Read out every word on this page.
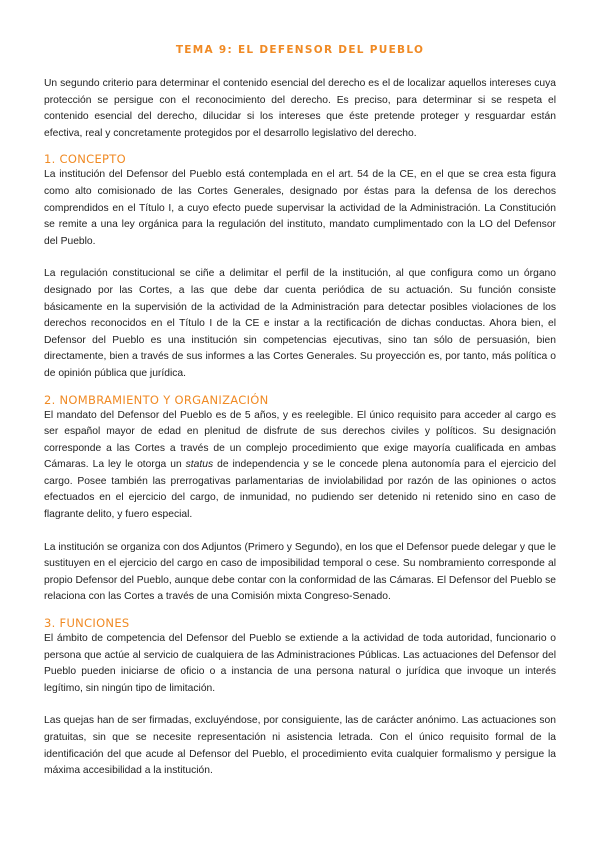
TEMA 9: EL DEFENSOR DEL PUEBLO

Un segundo criterio para determinar el contenido esencial del derecho es el de localizar aquellos intereses cuya protección se persigue con el reconocimiento del derecho. Es preciso, para determinar si se respeta el contenido esencial del derecho, dilucidar si los intereses que éste pretende proteger y resguardar están efectiva, real y concretamente protegidos por el desarrollo legislativo del derecho.

1. CONCEPTO

La institución del Defensor del Pueblo está contemplada en el art. 54 de la CE, en el que se crea esta figura como alto comisionado de las Cortes Generales, designado por éstas para la defensa de los derechos comprendidos en el Título I, a cuyo efecto puede supervisar la actividad de la Administración. La Constitución se remite a una ley orgánica para la regulación del instituto, mandato cumplimentado con la LO del Defensor del Pueblo.

La regulación constitucional se ciñe a delimitar el perfil de la institución, al que configura como un órgano designado por las Cortes, a las que debe dar cuenta periódica de su actuación. Su función consiste básicamente en la supervisión de la actividad de la Administración para detectar posibles violaciones de los derechos reconocidos en el Título I de la CE e instar a la rectificación de dichas conductas. Ahora bien, el Defensor del Pueblo es una institución sin competencias ejecutivas, sino tan sólo de persuasión, bien directamente, bien a través de sus informes a las Cortes Generales. Su proyección es, por tanto, más política o de opinión pública que jurídica.

2. NOMBRAMIENTO Y ORGANIZACIÓN

El mandato del Defensor del Pueblo es de 5 años, y es reelegible. El único requisito para acceder al cargo es ser español mayor de edad en plenitud de disfrute de sus derechos civiles y políticos. Su designación corresponde a las Cortes a través de un complejo procedimiento que exige mayoría cualificada en ambas Cámaras. La ley le otorga un status de independencia y se le concede plena autonomía para el ejercicio del cargo. Posee también las prerrogativas parlamentarias de inviolabilidad por razón de las opiniones o actos efectuados en el ejercicio del cargo, de inmunidad, no pudiendo ser detenido ni retenido sino en caso de flagrante delito, y fuero especial.

La institución se organiza con dos Adjuntos (Primero y Segundo), en los que el Defensor puede delegar y que le sustituyen en el ejercicio del cargo en caso de imposibilidad temporal o cese. Su nombramiento corresponde al propio Defensor del Pueblo, aunque debe contar con la conformidad de las Cámaras. El Defensor del Pueblo se relaciona con las Cortes a través de una Comisión mixta Congreso-Senado.

3. FUNCIONES

El ámbito de competencia del Defensor del Pueblo se extiende a la actividad de toda autoridad, funcionario o persona que actúe al servicio de cualquiera de las Administraciones Públicas. Las actuaciones del Defensor del Pueblo pueden iniciarse de oficio o a instancia de una persona natural o jurídica que invoque un interés legítimo, sin ningún tipo de limitación.

Las quejas han de ser firmadas, excluyéndose, por consiguiente, las de carácter anónimo. Las actuaciones son gratuitas, sin que se necesite representación ni asistencia letrada. Con el único requisito formal de la identificación del que acude al Defensor del Pueblo, el procedimiento evita cualquier formalismo y persigue la máxima accesibilidad a la institución.
